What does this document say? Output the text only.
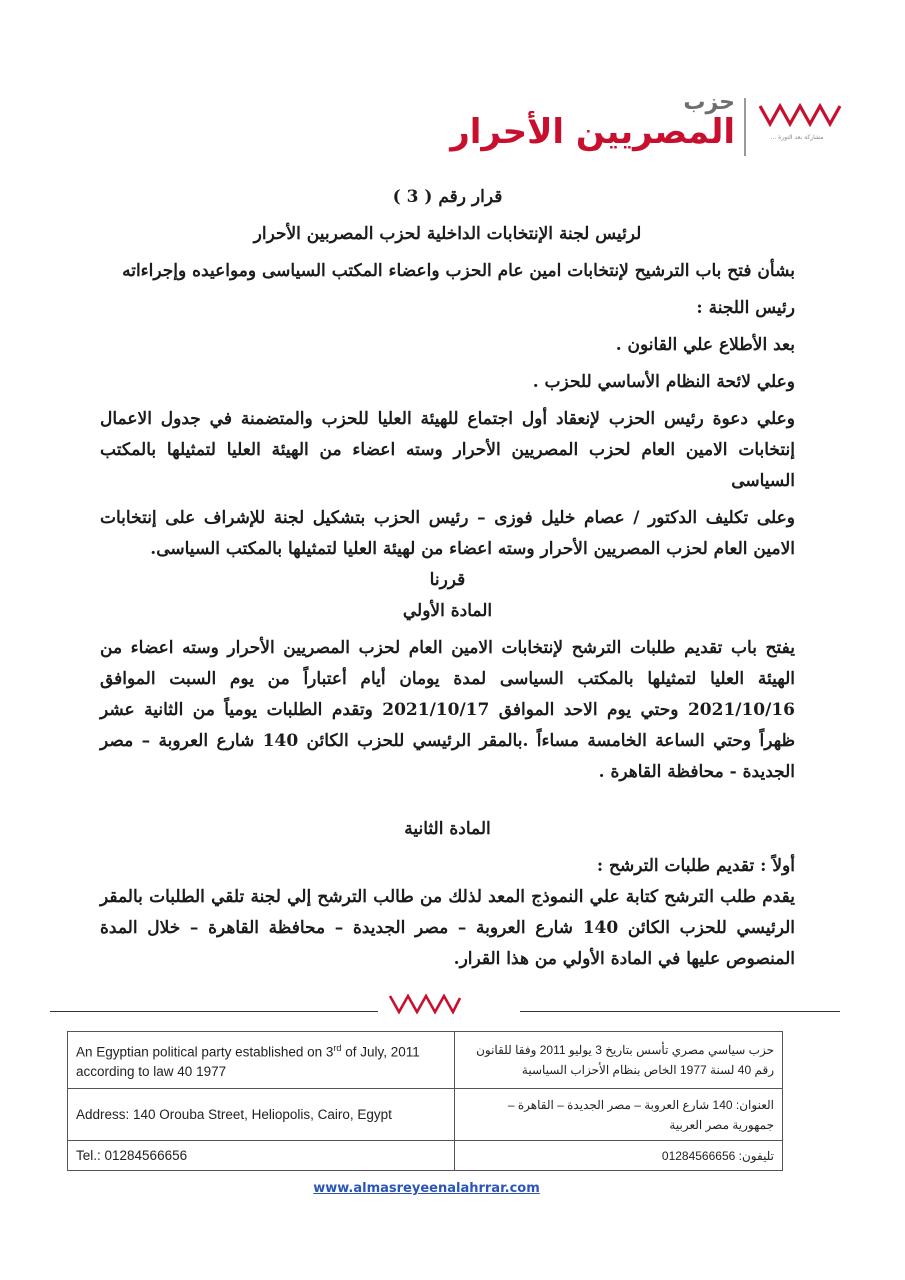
حزب
المصريين الأحرار	مشاركة بعد الثورة ...

قرار رقم ( 3 )

لرئيس لجنة الإنتخابات الداخلية لحزب المصربين الأحرار

بشأن فتح باب الترشيح لإنتخابات امين عام الحزب واعضاء المكتب السياسى ومواعيده وإجراءاته

رئيس اللجنة :

بعد الأطلاع علي القانون .

وعلي لائحة النظام الأساسي للحزب .

وعلي دعوة رئيس الحزب لإنعقاد أول اجتماع للهيئة العليا للحزب والمتضمنة في جدول الاعمال إنتخابات الامين العام لحزب المصريين الأحرار وسته اعضاء من الهيئة العليا لتمثيلها بالمكتب السياسى

وعلى تكليف الدكتور / عصام خليل فوزى – رئيس الحزب بتشكيل لجنة للإشراف على إنتخابات الامين العام لحزب المصريين الأحرار وسته اعضاء من لهيئة العليا لتمثيلها بالمكتب السياسى.

قررنا

المادة الأولي

يفتح باب تقديم طلبات الترشح لإنتخابات الامين العام لحزب المصريين الأحرار وسته اعضاء من الهيئة العليا لتمثيلها بالمكتب السياسى لمدة يومان أيام أعتباراً من يوم السبت الموافق 2021/10/16 وحتي يوم الاحد الموافق 2021/10/17 وتقدم الطلبات يومياً من الثانية عشر ظهراً وحتي الساعة الخامسة مساءاً .بالمقر الرئيسي للحزب الكائن 140 شارع العروبة – مصر الجديدة - محافظة القاهرة .

المادة الثانية

أولاً : تقديم طلبات الترشح :

يقدم طلب الترشح كتابة علي النموذج المعد لذلك من طالب الترشح إلي لجنة تلقي الطلبات بالمقر الرئيسي للحزب الكائن 140 شارع العروبة – مصر الجديدة – محافظة القاهرة – خلال المدة المنصوص عليها في المادة الأولي من هذا القرار.

An Egyptian political party established on 3rd of July, 2011 according to law 40 1977	حزب سياسي مصري تأسس بتاريخ 3 يوليو 2011 وفقا للقانون رقم 40 لسنة 1977 الخاص بنظام الأحزاب السياسية
Address: 140 Orouba Street, Heliopolis, Cairo, Egypt	العنوان: 140 شارع العروبة – مصر الجديدة – القاهرة – جمهورية مصر العربية
Tel.: 01284566656	تليفون: 01284566656
www.almasreyeenalahrrar.com
